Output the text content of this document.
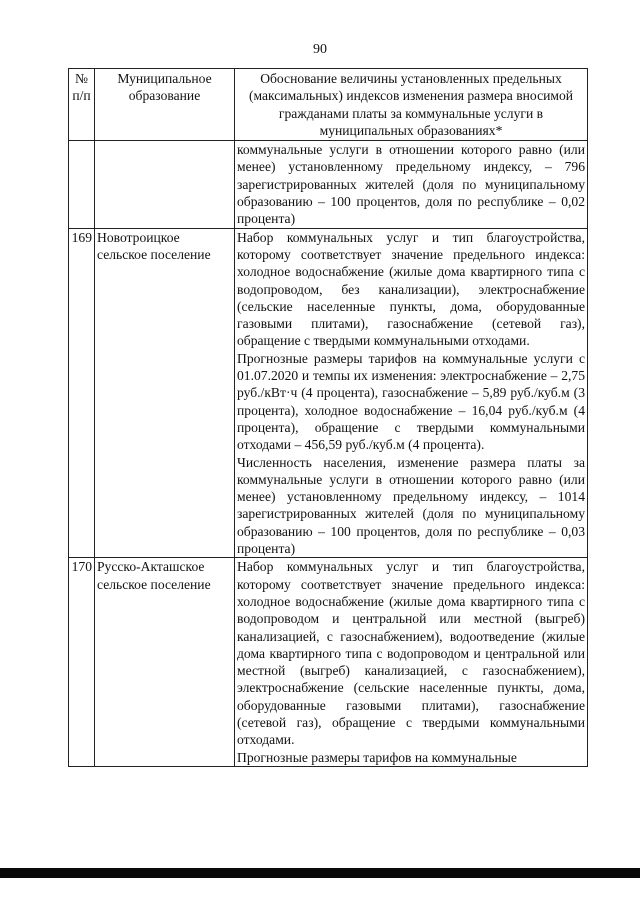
90
№ п/п	Муниципальное образование	Обоснование величины установленных предельных (максимальных) индексов изменения размера вносимой гражданами платы за коммунальные услуги в муниципальных образованиях*

		коммунальные услуги в отношении которого равно (или менее) установленному предельному индексу, – 796 зарегистрированных жителей (доля по муниципальному образованию – 100 процентов, доля по республике – 0,02 процента)

169	Новотроицкое сельское поселение	Набор коммунальных услуг и тип благоустройства, которому соответствует значение предельного индекса: холодное водоснабжение (жилые дома квартирного типа с водопроводом, без канализации), электроснабжение (сельские населенные пункты, дома, оборудованные газовыми плитами), газоснабжение (сетевой газ), обращение с твердыми коммунальными отходами.

Прогнозные размеры тарифов на коммунальные услуги с 01.07.2020 и темпы их изменения: электроснабжение – 2,75 руб./кВт·ч (4 процента), газоснабжение – 5,89 руб./куб.м (3 процента), холодное водоснабжение – 16,04 руб./куб.м (4 процента), обращение с твердыми коммунальными отходами – 456,59 руб./куб.м (4 процента).

Численность населения, изменение размера платы за коммунальные услуги в отношении которого равно (или менее) установленному предельному индексу, – 1014 зарегистрированных жителей (доля по муниципальному образованию – 100 процентов, доля по республике – 0,03 процента)

170	Русско-Акташское сельское поселение	Набор коммунальных услуг и тип благоустройства, которому соответствует значение предельного индекса: холодное водоснабжение (жилые дома квартирного типа с водопроводом и центральной или местной (выгреб) канализацией, с газоснабжением), водоотведение (жилые дома квартирного типа с водопроводом и центральной или местной (выгреб) канализацией, с газоснабжением), электроснабжение (сельские населенные пункты, дома, оборудованные газовыми плитами), газоснабжение (сетевой газ), обращение с твердыми коммунальными отходами.

Прогнозные размеры тарифов на коммунальные
